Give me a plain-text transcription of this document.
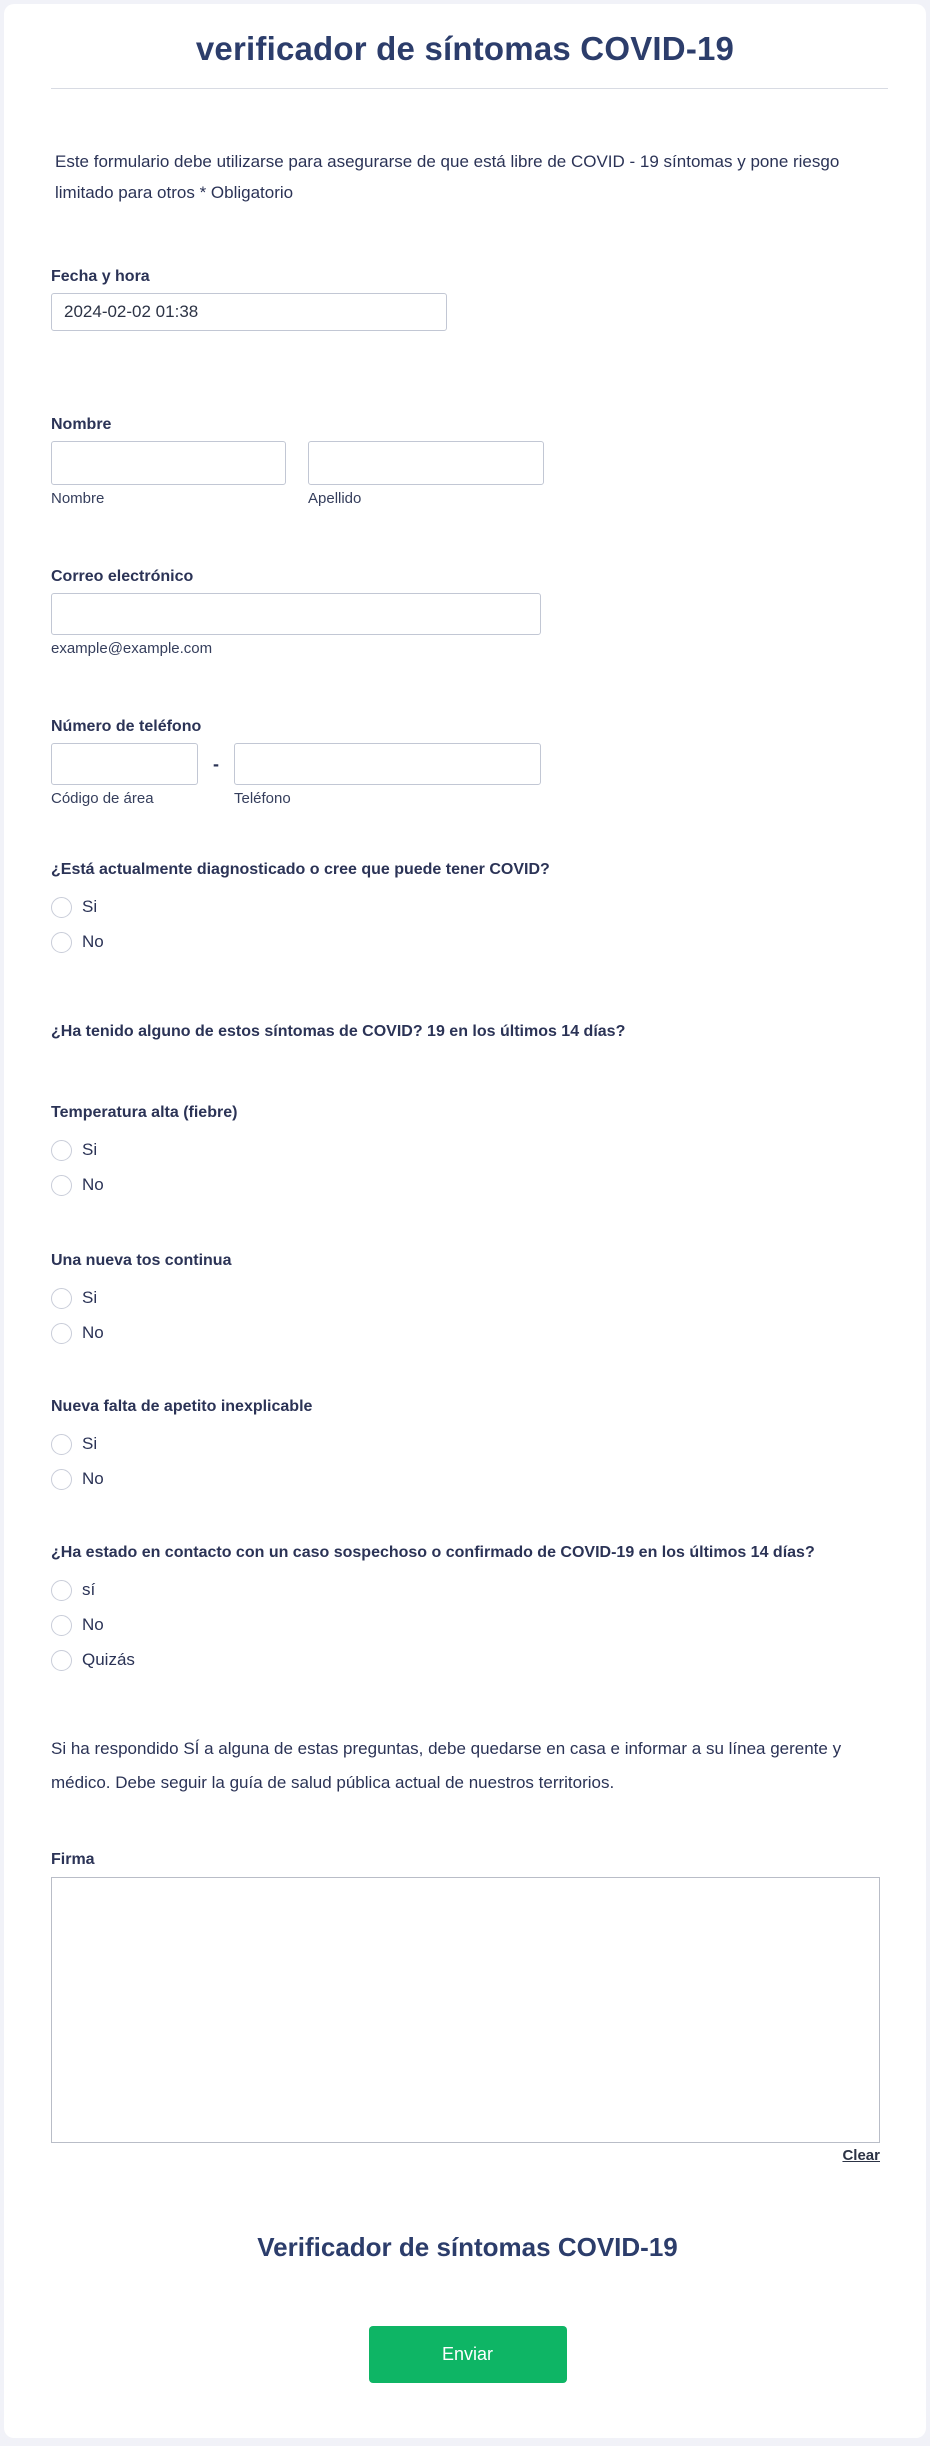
verificador de síntomas COVID-19

Este formulario debe utilizarse para asegurarse de que está libre de COVID - 19 síntomas y pone riesgo limitado para otros * Obligatorio

Fecha y hora
2024-02-02 01:38
Nombre
Nombre	Apellido
Correo electrónico
example@example.com
Número de teléfono
Código de área
-
Teléfono
¿Está actualmente diagnosticado o cree que puede tener COVID?
Si
No
¿Ha tenido alguno de estos síntomas de COVID? 19 en los últimos 14 días?
Temperatura alta (fiebre)
Si
No
Una nueva tos continua
Si
No
Nueva falta de apetito inexplicable
Si
No
¿Ha estado en contacto con un caso sospechoso o confirmado de COVID-19 en los últimos 14 días?
sí
No
Quizás

Si ha respondido SÍ a alguna de estas preguntas, debe quedarse en casa e informar a su línea gerente y médico. Debe seguir la guía de salud pública actual de nuestros territorios.

Firma
Clear
Verificador de síntomas COVID-19
Enviar
